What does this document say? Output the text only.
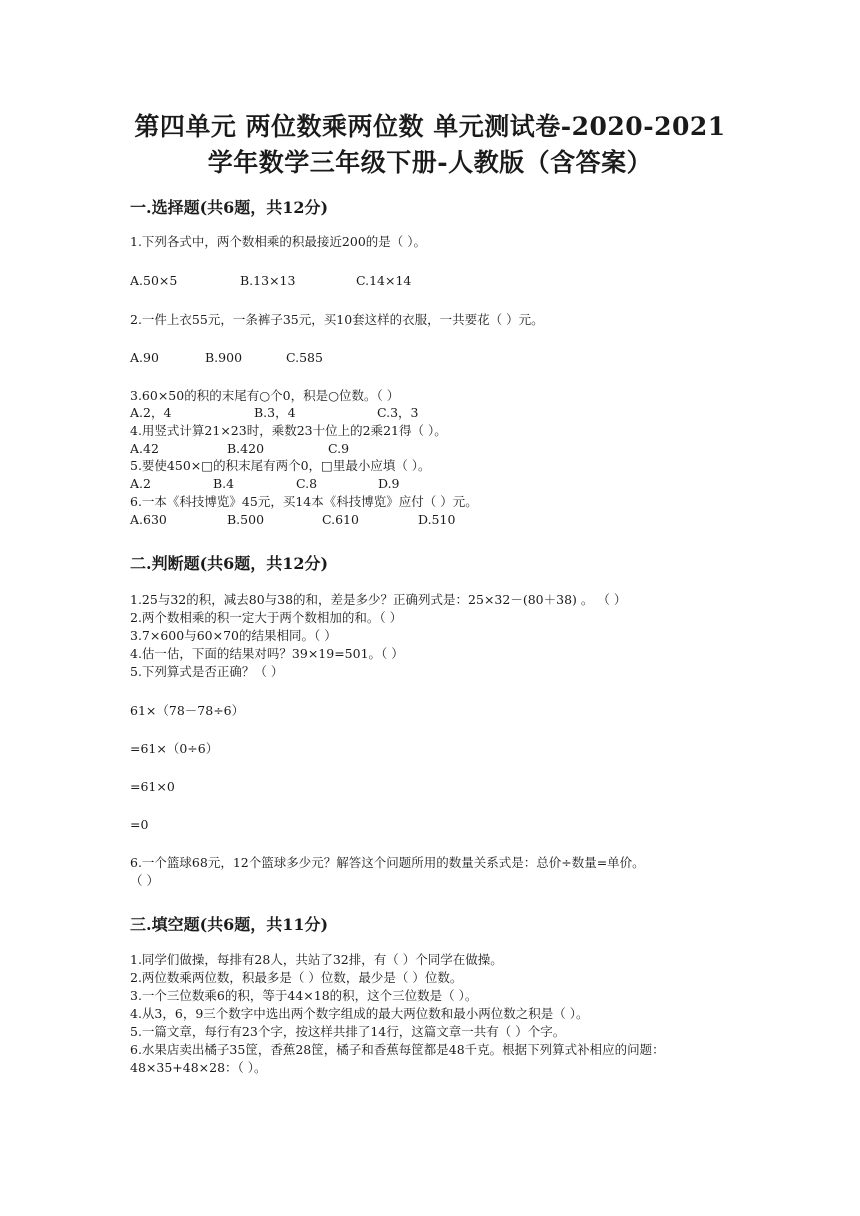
第四单元 两位数乘两位数 单元测试卷-2020-2021
学年数学三年级下册-人教版（含答案）
一.选择题(共6题，共12分)
1.下列各式中，两个数相乘的积最接近200的是（ ）。
A.50×5	B.13×13	C.14×14
2.一件上衣55元，一条裤子35元，买10套这样的衣服，一共要花（ ）元。
A.90	B.900	C.585
3.60×50的积的末尾有○个0，积是○位数。（ ）
A.2，4	B.3，4	C.3，3
4.用竖式计算21×23时，乘数23十位上的2乘21得（ ）。
A.42	B.420	C.9
5.要使450×□的积末尾有两个0，□里最小应填（ ）。
A.2	B.4	C.8	D.9
6.一本《科技博览》45元，买14本《科技博览》应付（ ）元。
A.630	B.500	C.610	D.510
二.判断题(共6题，共12分)
1.25与32的积，减去80与38的和，差是多少？正确列式是：25×32－(80＋38) 。 （ ）
2.两个数相乘的积一定大于两个数相加的和。（ ）
3.7×600与60×70的结果相同。（ ）
4.估一估，下面的结果对吗？39×19=501。（ ）
5.下列算式是否正确？（ ）
61×（78－78÷6）
=61×（0÷6）
=61×0
=0
6.一个篮球68元，12个篮球多少元？解答这个问题所用的数量关系式是：总价÷数量=单价。
（ ）
三.填空题(共6题，共11分)
1.同学们做操，每排有28人，共站了32排，有（ ）个同学在做操。
2.两位数乘两位数，积最多是（ ）位数，最少是（ ）位数。
3.一个三位数乘6的积，等于44×18的积，这个三位数是（ ）。
4.从3，6，9三个数字中选出两个数字组成的最大两位数和最小两位数之积是（ ）。
5.一篇文章，每行有23个字，按这样共排了14行，这篇文章一共有（ ）个字。
6.水果店卖出橘子35筐，香蕉28筐，橘子和香蕉每筐都是48千克。根据下列算式补相应的问题：
48×35+48×28：（ ）。
